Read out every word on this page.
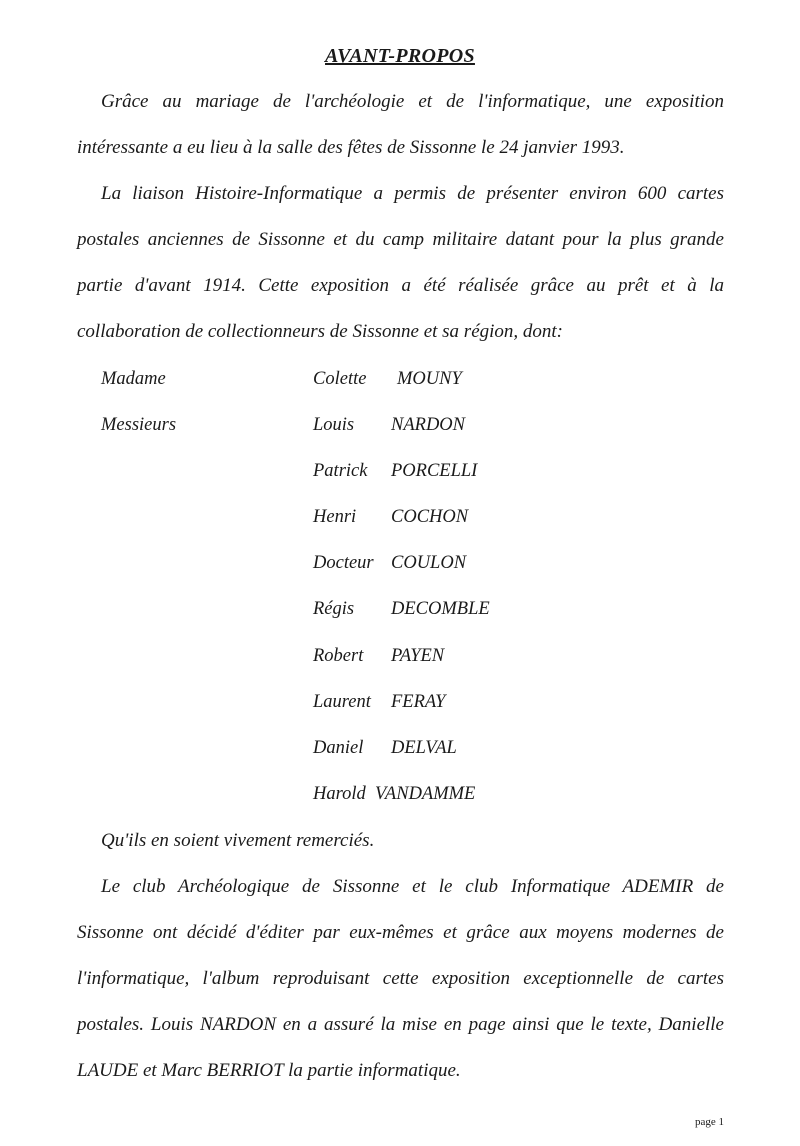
AVANT-PROPOS
Grâce au mariage de l'archéologie et de l'informatique, une exposition
intéressante a eu lieu à la salle des fêtes de Sissonne le 24 janvier 1993.
La liaison Histoire-Informatique a permis de présenter environ 600 cartes
postales anciennes de Sissonne et du camp militaire datant pour la plus grande
partie d'avant 1914. Cette exposition a été réalisée grâce au prêt et à la
collaboration de collectionneurs de Sissonne et sa région, dont:
Madame	Colette MOUNY
Messieurs	Louis NARDON
Patrick PORCELLI
Henri COCHON
Docteur COULON
Régis DECOMBLE
Robert PAYEN
Laurent FERAY
Daniel DELVAL
Harold VANDAMME
Qu'ils en soient vivement remerciés.
Le club Archéologique de Sissonne et le club Informatique ADEMIR de
Sissonne ont décidé d'éditer par eux-mêmes et grâce aux moyens modernes de
l'informatique, l'album reproduisant cette exposition exceptionnelle de cartes
postales. Louis NARDON en a assuré la mise en page ainsi que le texte, Danielle
LAUDE et Marc BERRIOT la partie informatique.
page 1
